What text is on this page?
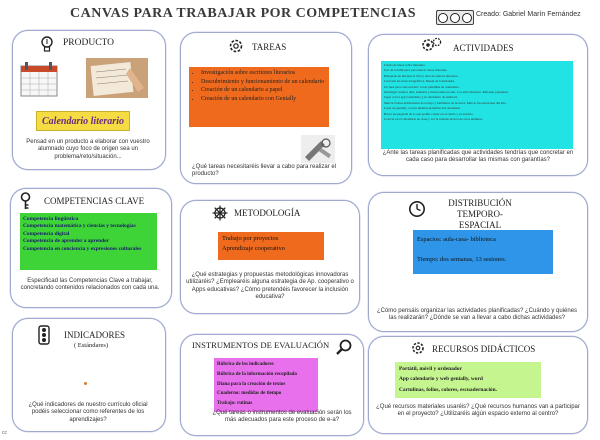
CANVAS PARA TRABAJAR POR COMPETENCIAS	Creado: Gabriel Marín Fernández
PRODUCTO
Calendario literario
Pensad en un producto a elaborar con vuestro alumnado cuyo foco de origen sea un problema/reto/situación...
TAREAS
• Investigación sobre escritores literarios
• Descubrimiento y funcionamiento de un calendario
• Creación de un calendario a papel
• Creación de un calendario con Genially
¿Qué tareas necesitaréis llevar a cabo para realizar el producto?
ACTIVIDADES
Lluvia de ideas sobre literatura.
Uso de la biblioteca para buscar obras literarias.
Búsqueda en internet la vida y obra de autores literarios.
Creación de textos biográficos. Rueda de la literatura.
Un mes para cada escritor: Crear plantillas de calendario.
Investigar cuántos días, semanas y meses tiene un año. Los años bisiestos. Refranes populares.
Jugar con la app Calendario y el calendario de Android.
Marcar fechas individuales de trabajo y familiares de lectores. Marcar las estaciones del año.
Crear un genially con las mismas plantillas del calendario.
Hacer propaganda de lo que podéis contar en el centro y su entorno.
Colocar en el calendario en clase y ver la semana lectora de otros alumnos.
¿Ante las tareas planificadas que actividades tendrías que concretar en cada caso para desarrollar las mismas con garantías?
COMPETENCIAS CLAVE
Competencia lingüística
Competencia matemática y ciencias y tecnologías
Competencia digital
Competencia de aprender a aprender
Competencia en conciencia y expresiones culturales
Especificad las Competencias Clave a trabajar, concretando contenidos relacionados con cada una.
METODOLOGÍA
Trabajo por proyectos
Aprendizaje cooperativo
¿Qué estrategias y propuestas metodológicas innovadoras utilizaréis? ¿Emplearéis alguna estrategia de Ap. cooperativo o Apps educativas? ¿Cómo pretendéis favorecer la inclusión educativa?
DISTRIBUCIÓN TEMPORO-ESPACIAL
Espacios: aula-casa- biblioteca
Tiempo: dos semanas, 13 sesiones.
¿Cómo pensáis organizar las actividades planificadas? ¿Cuándo y quiénes las realizarán? ¿Dónde se van a llevar a cabo dichas actividades?
INDICADORES
( Estándares)
¿Qué indicadores de nuestro currículo oficial podéis seleccionar como referentes de los aprendizajes?
INSTRUMENTOS DE EVALUACIÓN
Rúbrica de los indicadores
Rúbrica de la información recopilada
Diana para la creación de textos
Cuaderno: medidas de tiempo
Trabajo: rutinas
¿Qué tareas o instrumentos de evaluación serán los más adecuados para este proceso de e-a?
RECURSOS DIDÁCTICOS
Portátil, móvil y ordenador
App calendario y web genially, word
Cartulinas, folios, colores, escuadernación.
¿Qué recursos materiales usaréis? ¿Qué recursos humanos van a participar en el proyecto? ¿Utilizaréis algún espacio externo al centro?
cc
